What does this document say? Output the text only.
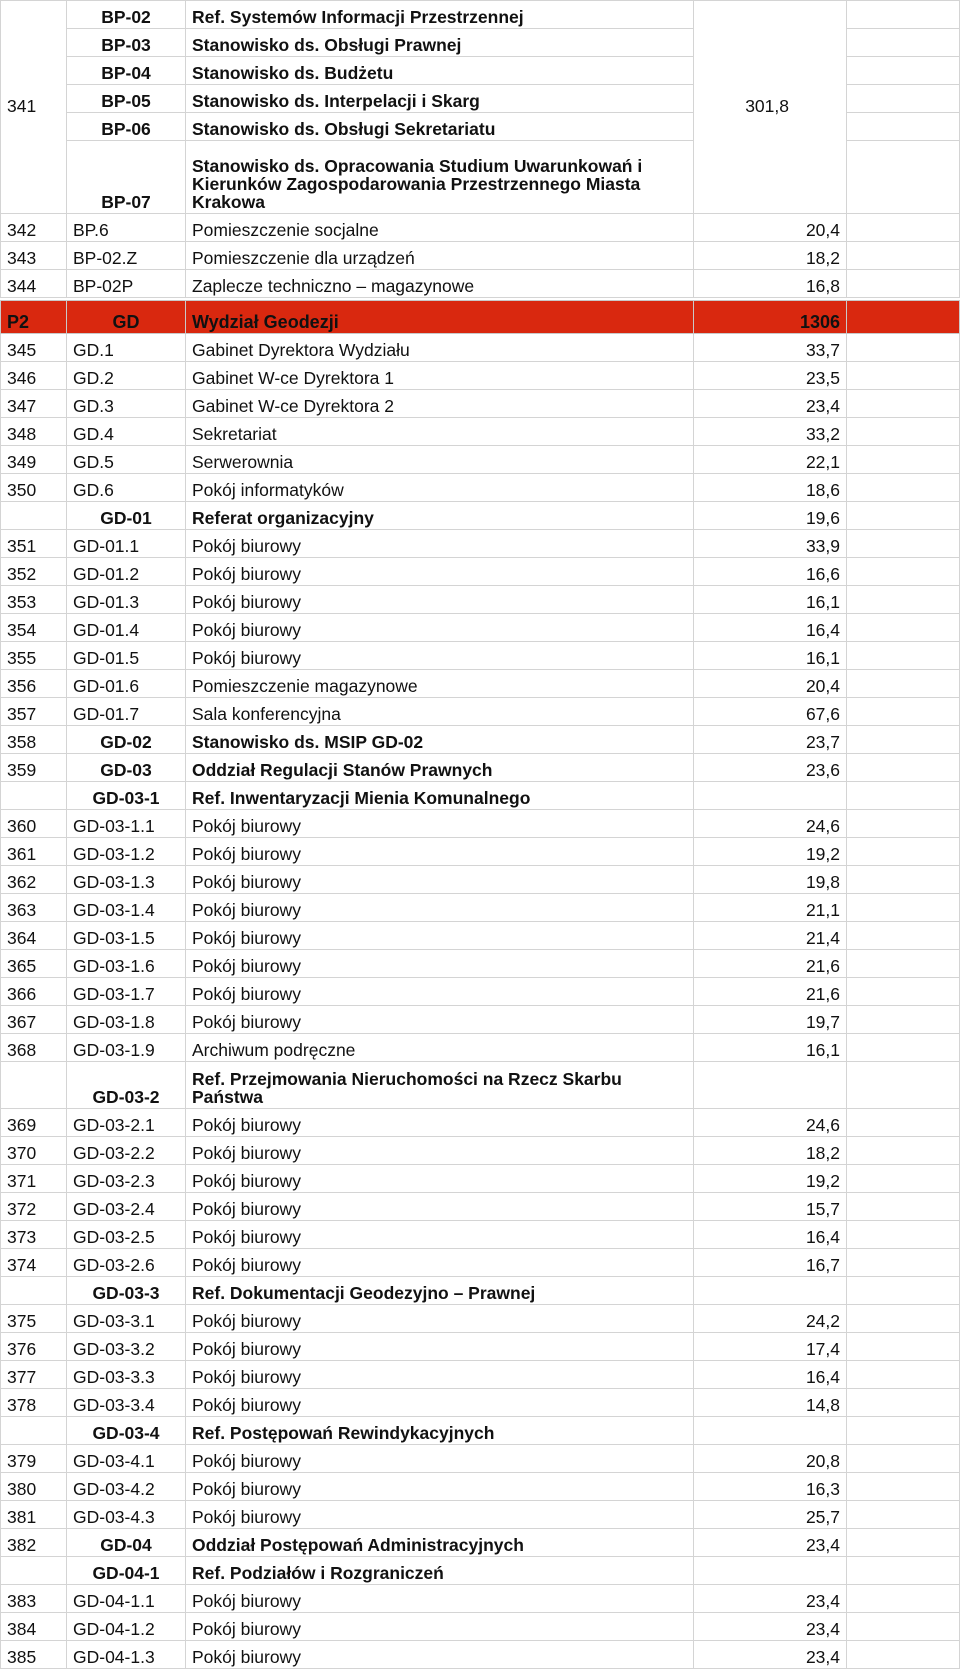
341	BP-02	Ref. Systemów Informacji Przestrzennej	301,8	
	BP-03	Stanowisko ds. Obsługi Prawnej		
	BP-04	Stanowisko ds. Budżetu		
	BP-05	Stanowisko ds. Interpelacji i Skarg		
	BP-06	Stanowisko ds. Obsługi Sekretariatu		
	BP-07	Stanowisko ds. Opracowania Studium Uwarunkowań i Kierunków Zagospodarowania Przestrzennego Miasta Krakowa		
342	BP.6	Pomieszczenie socjalne	20,4	
343	BP-02.Z	Pomieszczenie dla urządzeń	18,2	
344	BP-02P	Zaplecze techniczno – magazynowe	16,8	
P2	GD	Wydział Geodezji	1306	
345	GD.1	Gabinet Dyrektora Wydziału	33,7	
346	GD.2	Gabinet W-ce Dyrektora 1	23,5	
347	GD.3	Gabinet W-ce Dyrektora 2	23,4	
348	GD.4	Sekretariat	33,2	
349	GD.5	Serwerownia	22,1	
350	GD.6	Pokój informatyków	18,6	
	GD-01	Referat organizacyjny	19,6	
351	GD-01.1	Pokój biurowy	33,9	
352	GD-01.2	Pokój biurowy	16,6	
353	GD-01.3	Pokój biurowy	16,1	
354	GD-01.4	Pokój biurowy	16,4	
355	GD-01.5	Pokój biurowy	16,1	
356	GD-01.6	Pomieszczenie magazynowe	20,4	
357	GD-01.7	Sala konferencyjna	67,6	
358	GD-02	Stanowisko ds. MSIP GD-02	23,7	
359	GD-03	Oddział Regulacji Stanów Prawnych	23,6	
	GD-03-1	Ref. Inwentaryzacji Mienia Komunalnego		
360	GD-03-1.1	Pokój biurowy	24,6	
361	GD-03-1.2	Pokój biurowy	19,2	
362	GD-03-1.3	Pokój biurowy	19,8	
363	GD-03-1.4	Pokój biurowy	21,1	
364	GD-03-1.5	Pokój biurowy	21,4	
365	GD-03-1.6	Pokój biurowy	21,6	
366	GD-03-1.7	Pokój biurowy	21,6	
367	GD-03-1.8	Pokój biurowy	19,7	
368	GD-03-1.9	Archiwum podręczne	16,1	
	GD-03-2	Ref. Przejmowania Nieruchomości na Rzecz Skarbu Państwa		
369	GD-03-2.1	Pokój biurowy	24,6	
370	GD-03-2.2	Pokój biurowy	18,2	
371	GD-03-2.3	Pokój biurowy	19,2	
372	GD-03-2.4	Pokój biurowy	15,7	
373	GD-03-2.5	Pokój biurowy	16,4	
374	GD-03-2.6	Pokój biurowy	16,7	
	GD-03-3	Ref. Dokumentacji Geodezyjno – Prawnej		
375	GD-03-3.1	Pokój biurowy	24,2	
376	GD-03-3.2	Pokój biurowy	17,4	
377	GD-03-3.3	Pokój biurowy	16,4	
378	GD-03-3.4	Pokój biurowy	14,8	
	GD-03-4	Ref. Postępowań Rewindykacyjnych		
379	GD-03-4.1	Pokój biurowy	20,8	
380	GD-03-4.2	Pokój biurowy	16,3	
381	GD-03-4.3	Pokój biurowy	25,7	
382	GD-04	Oddział Postępowań Administracyjnych	23,4	
	GD-04-1	Ref. Podziałów i Rozgraniczeń		
383	GD-04-1.1	Pokój biurowy	23,4	
384	GD-04-1.2	Pokój biurowy	23,4	
385	GD-04-1.3	Pokój biurowy	23,4	
